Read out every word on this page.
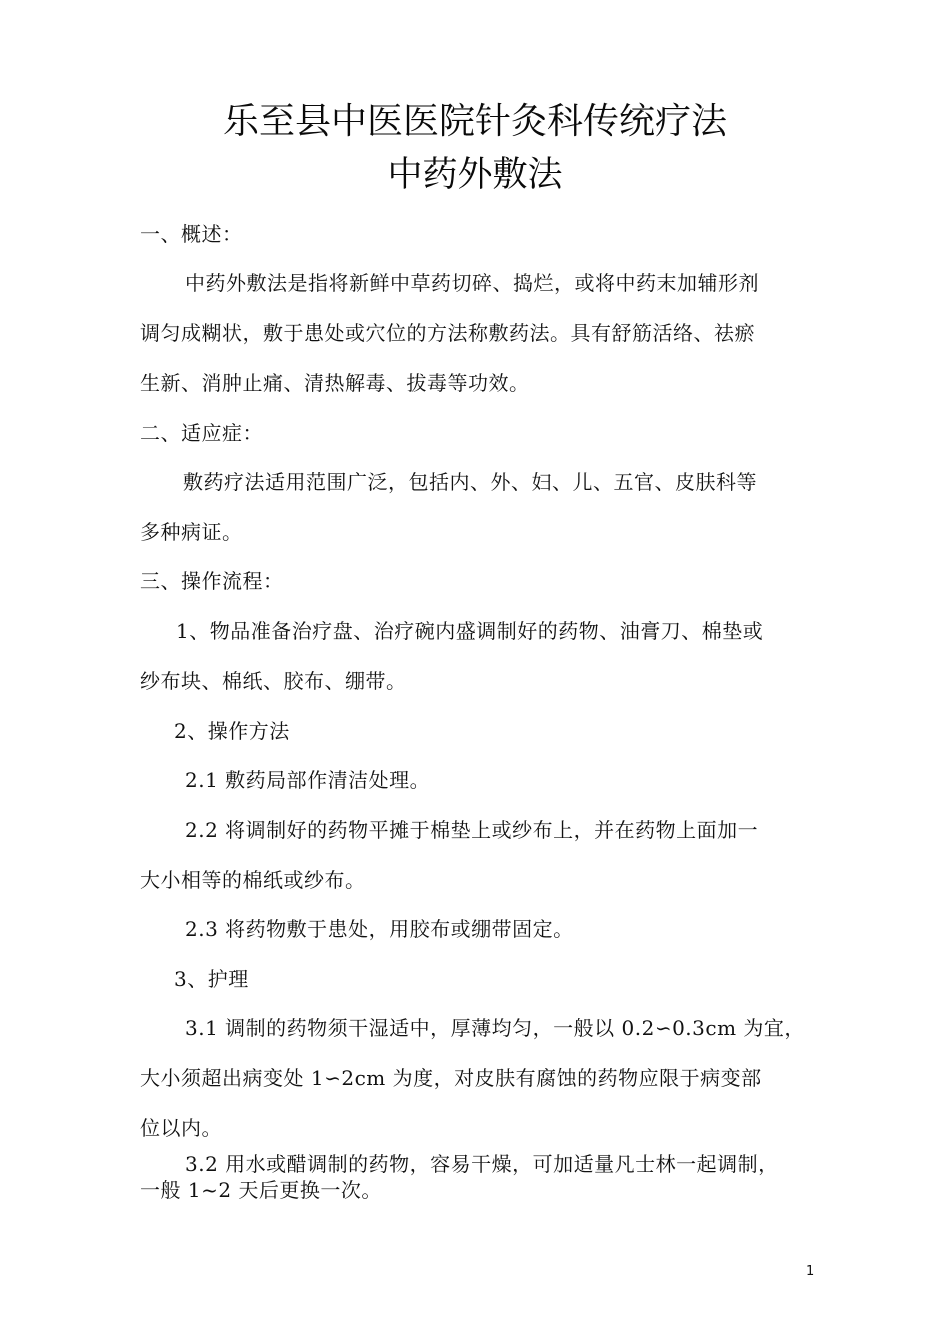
乐至县中医医院针灸科传统疗法
中药外敷法
一、概述：
中药外敷法是指将新鲜中草药切碎、捣烂，或将中药末加辅形剂
调匀成糊状，敷于患处或穴位的方法称敷药法。具有舒筋活络、祛瘀
生新、消肿止痛、清热解毒、拔毒等功效。
二、适应症：
敷药疗法适用范围广泛，包括内、外、妇、儿、五官、皮肤科等
多种病证。
三、操作流程：
1、物品准备治疗盘、治疗碗内盛调制好的药物、油膏刀、棉垫或
纱布块、棉纸、胶布、绷带。
2、操作方法
2.1 敷药局部作清洁处理。
2.2 将调制好的药物平摊于棉垫上或纱布上，并在药物上面加一
大小相等的棉纸或纱布。
2.3 将药物敷于患处，用胶布或绷带固定。
3、护理
3.1 调制的药物须干湿适中，厚薄均匀，一般以 0.2∽0.3cm 为宜，
大小须超出病变处 1∽2cm 为度，对皮肤有腐蚀的药物应限于病变部
位以内。
3.2 用水或醋调制的药物，容易干燥，可加适量凡士林一起调制，
一般 1~2 天后更换一次。
1
